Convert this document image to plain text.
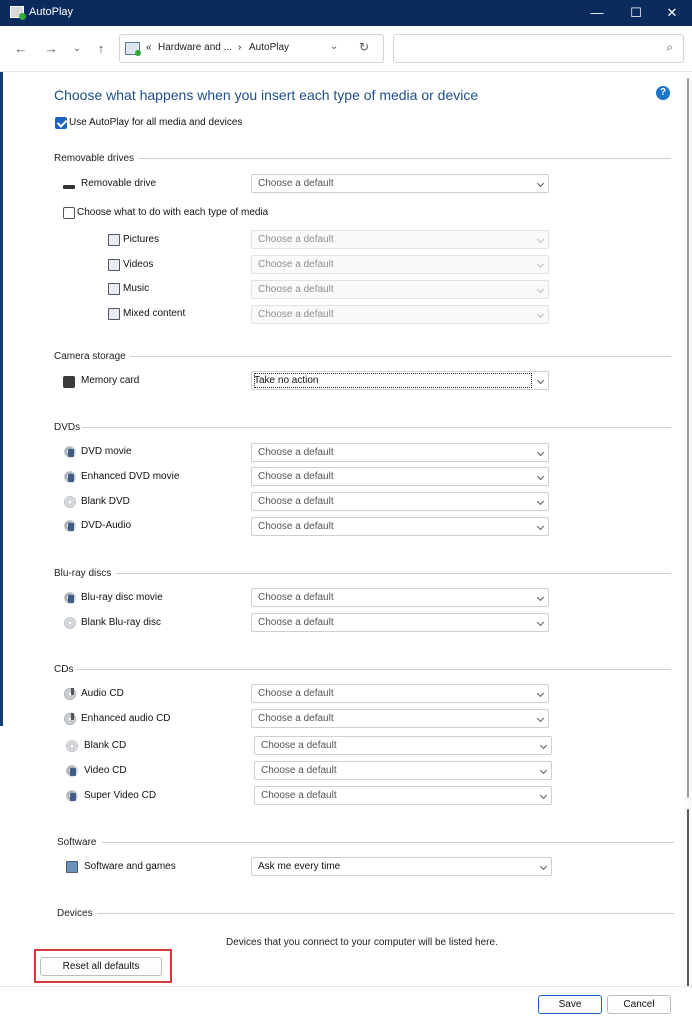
AutoPlay	—	☐	✕
← →	⌄	↑	« Hardware and ... › AutoPlay	⌄ ↻	⌕
Choose what happens when you insert each type of media or device	?
Use AutoPlay for all media and devices
Removable drives
Removable drive	Choose a default
Choose what to do with each type of media
Pictures	Choose a default
Videos	Choose a default
Music	Choose a default
Mixed content	Choose a default
Camera storage
Memory card	Take no action
DVDs
DVD movie	Choose a default
Enhanced DVD movie	Choose a default
Blank DVD	Choose a default
DVD-Audio	Choose a default
Blu-ray discs
Blu-ray disc movie	Choose a default
Blank Blu-ray disc	Choose a default
CDs
Audio CD	Choose a default
Enhanced audio CD	Choose a default
Blank CD	Choose a default
Video CD	Choose a default
Super Video CD	Choose a default
Software
Software and games	Ask me every time
Devices
Devices that you connect to your computer will be listed here.
Reset all defaults
Save	Cancel
